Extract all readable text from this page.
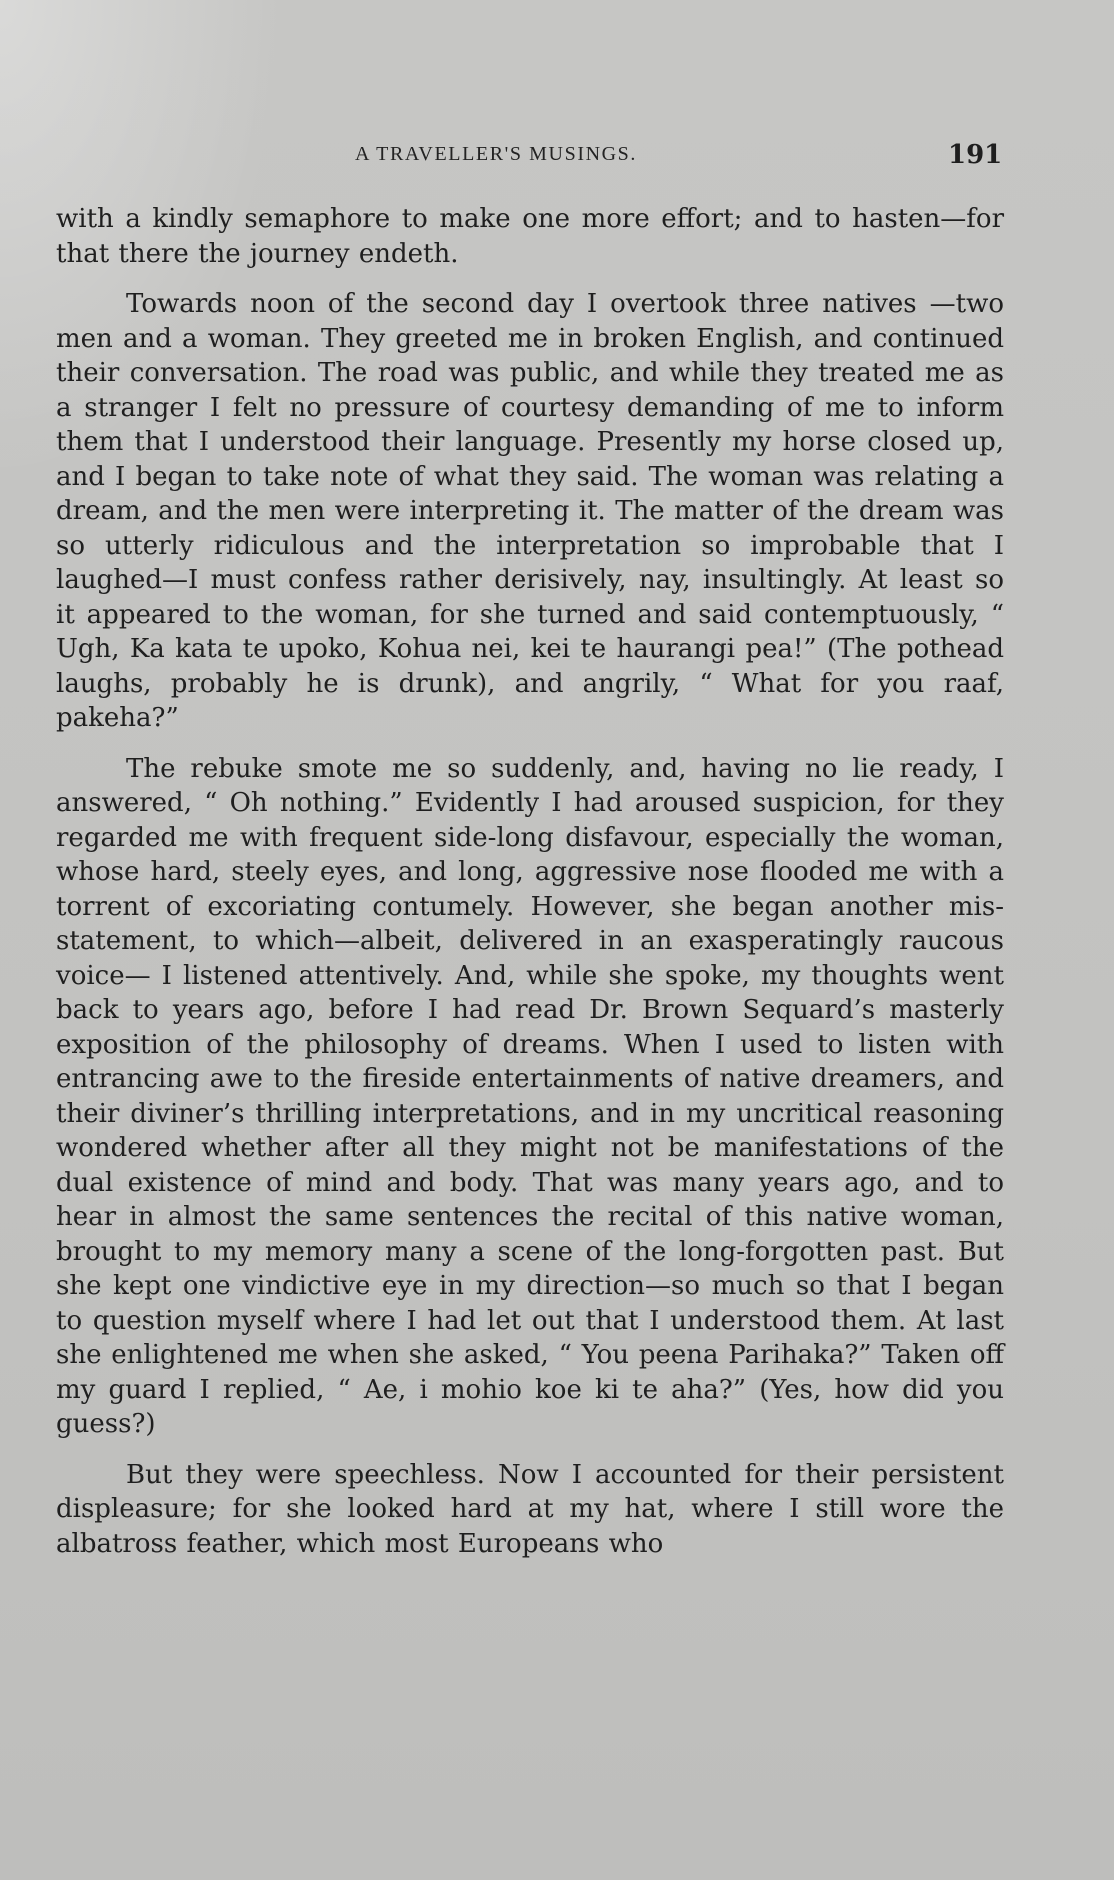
A TRAVELLER'S MUSINGS.	191

with a kindly semaphore to make one more effort; and to hasten—for that there the journey endeth.

Towards noon of the second day I overtook three natives —two men and a woman. They greeted me in broken English, and continued their conversation. The road was public, and while they treated me as a stranger I felt no pressure of courtesy demanding of me to inform them that I understood their language. Presently my horse closed up, and I began to take note of what they said. The woman was relating a dream, and the men were interpreting it. The matter of the dream was so utterly ridiculous and the interpretation so improbable that I laughed—I must confess rather derisively, nay, insultingly. At least so it appeared to the woman, for she turned and said contemptuously, “ Ugh, Ka kata te upoko, Kohua nei, kei te haurangi pea!” (The pothead laughs, probably he is drunk), and angrily, “ What for you raaf, pakeha?”

The rebuke smote me so suddenly, and, having no lie ready, I answered, “ Oh nothing.” Evidently I had aroused suspicion, for they regarded me with frequent side-long disfavour, especially the woman, whose hard, steely eyes, and long, aggressive nose flooded me with a torrent of excoriating contumely. However, she began another mis-statement, to which—albeit, delivered in an exasperatingly raucous voice— I listened attentively. And, while she spoke, my thoughts went back to years ago, before I had read Dr. Brown Sequard’s masterly exposition of the philosophy of dreams. When I used to listen with entrancing awe to the fireside entertainments of native dreamers, and their diviner’s thrilling interpretations, and in my uncritical reasoning wondered whether after all they might not be manifestations of the dual existence of mind and body. That was many years ago, and to hear in almost the same sentences the recital of this native woman, brought to my memory many a scene of the long-forgotten past. But she kept one vindictive eye in my direction—so much so that I began to question myself where I had let out that I understood them. At last she enlightened me when she asked, “ You peena Parihaka?” Taken off my guard I replied, “ Ae, i mohio koe ki te aha?” (Yes, how did you guess?)

But they were speechless. Now I accounted for their persistent displeasure; for she looked hard at my hat, where I still wore the albatross feather, which most Europeans who
